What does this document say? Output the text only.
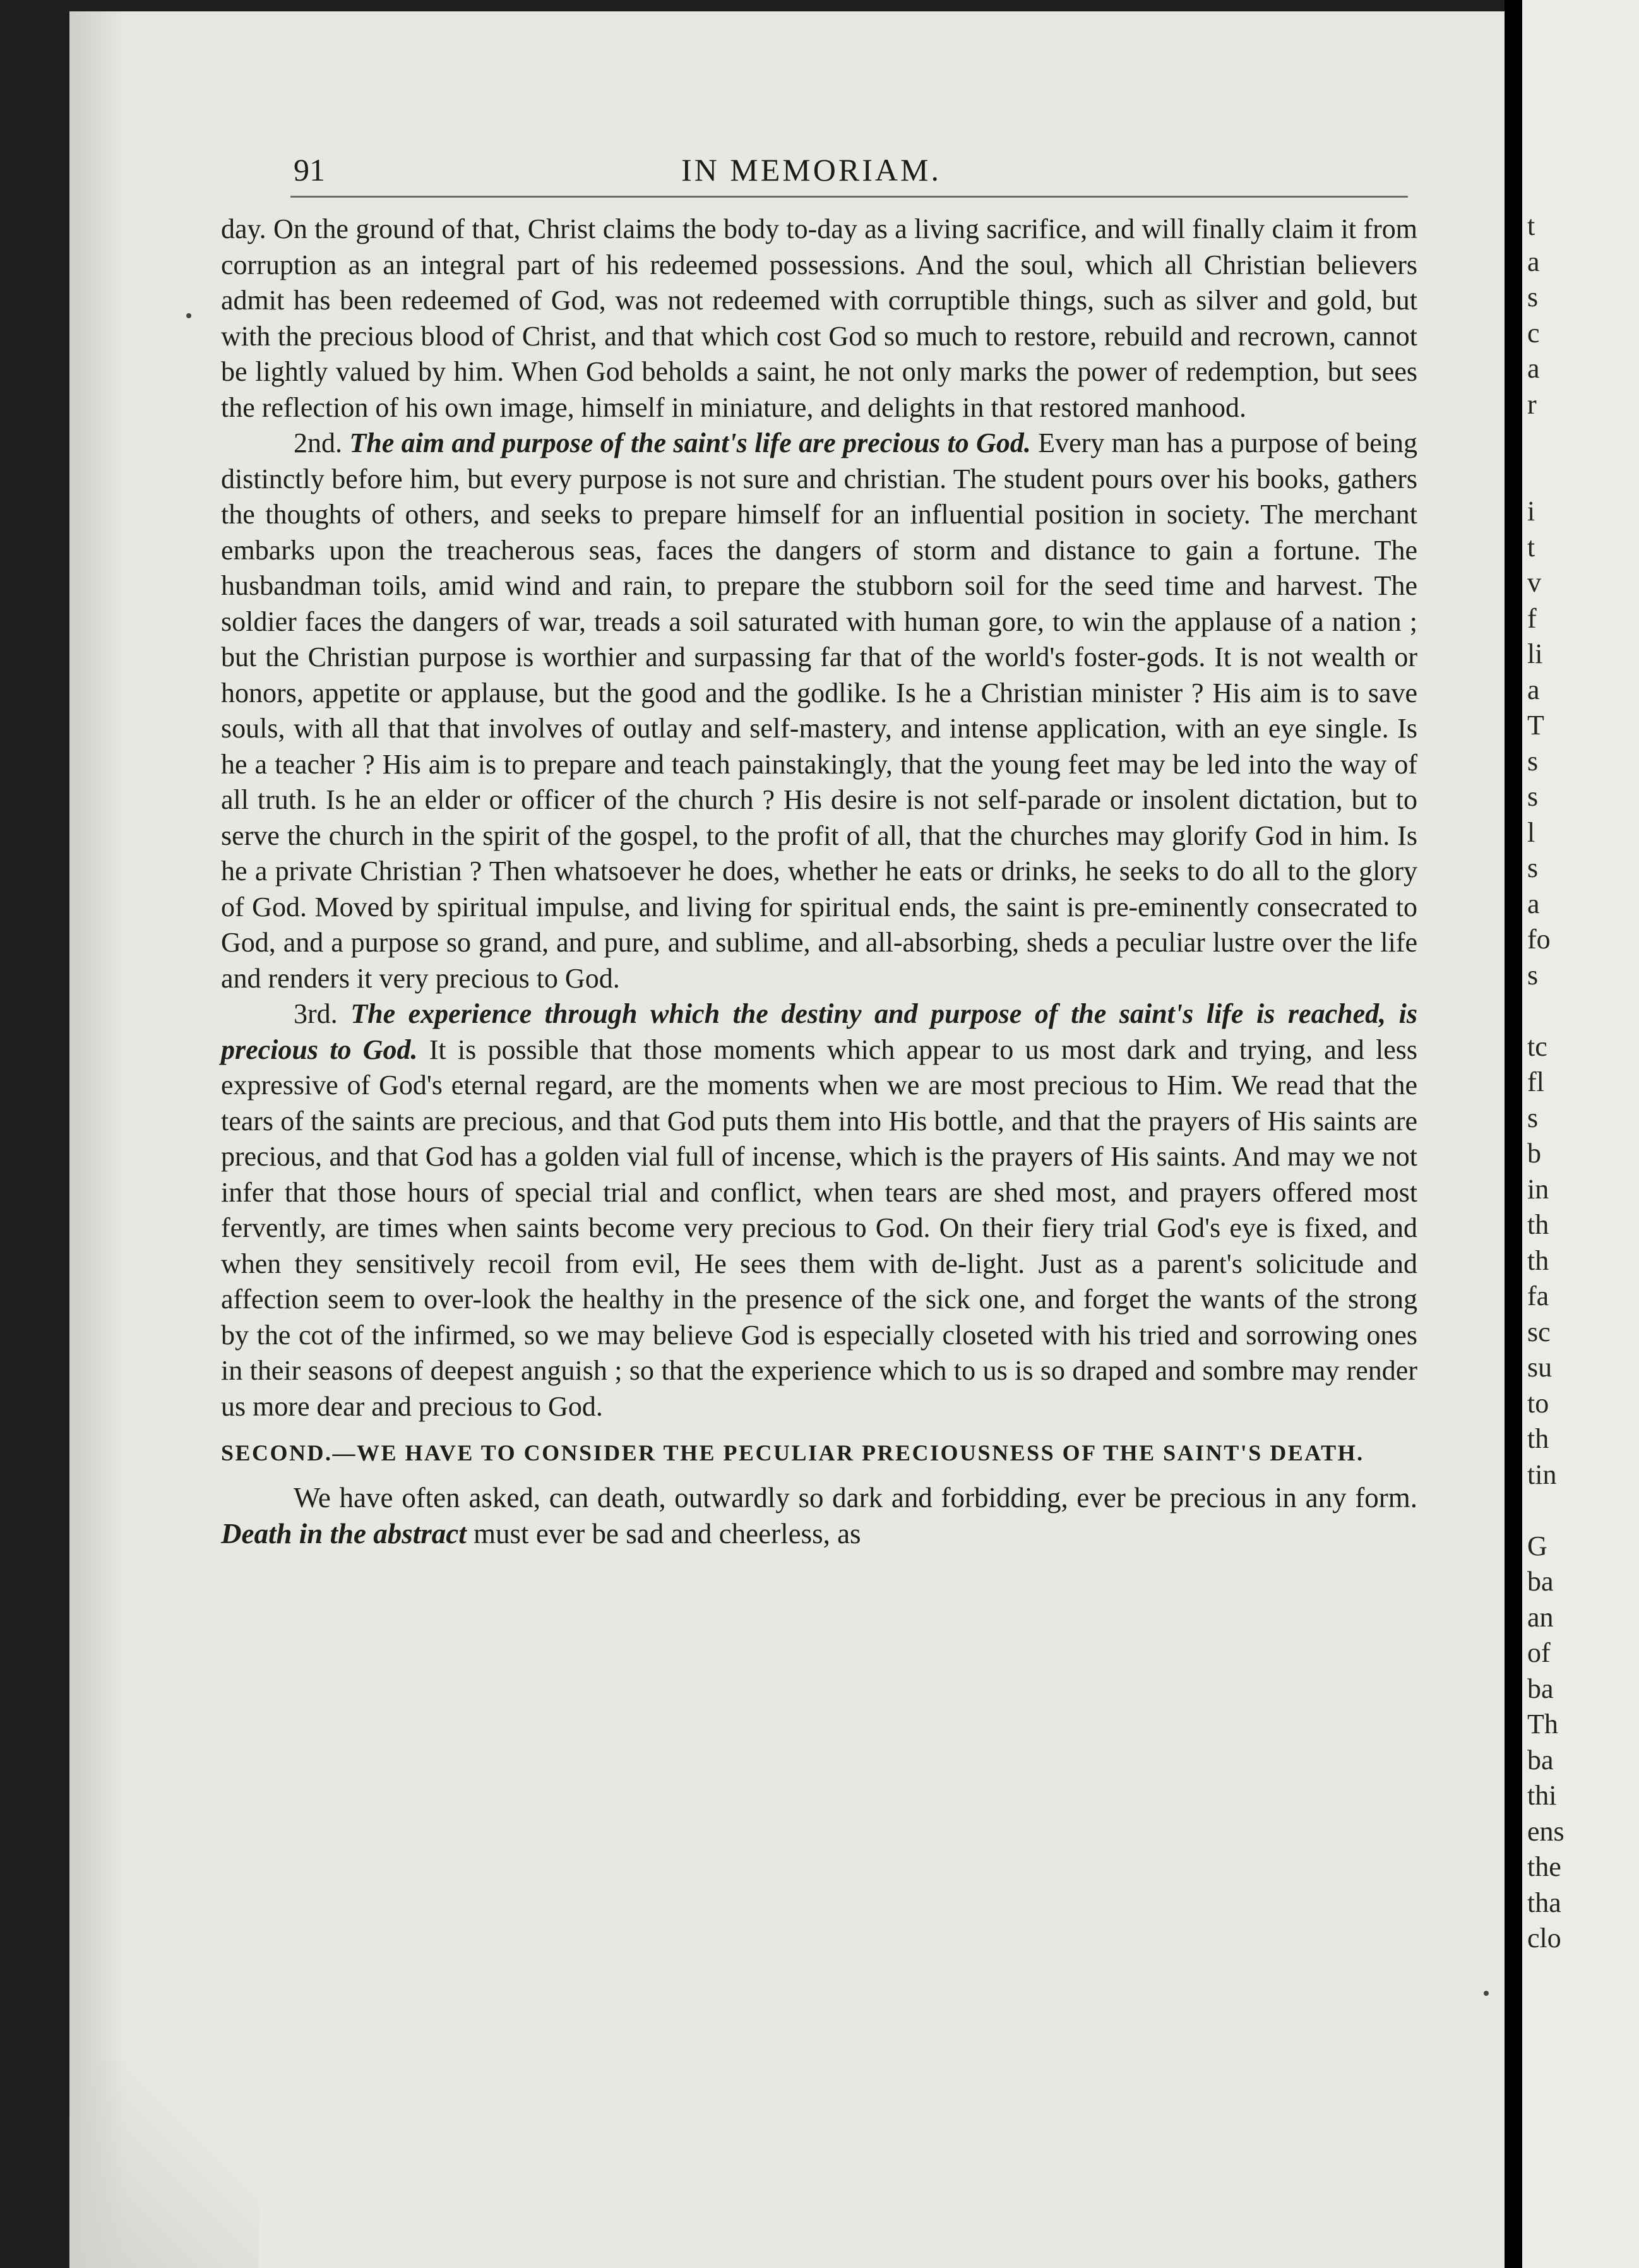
91	IN MEMORIAM.

day. On the ground of that, Christ claims the body to-day as a living sacrifice, and will finally claim it from corruption as an integral part of his redeemed possessions. And the soul, which all Christian believers admit has been redeemed of God, was not redeemed with corruptible things, such as silver and gold, but with the precious blood of Christ, and that which cost God so much to restore, rebuild and recrown, cannot be lightly valued by him. When God beholds a saint, he not only marks the power of redemption, but sees the reflection of his own image, himself in miniature, and delights in that restored manhood.

2nd. The aim and purpose of the saint's life are precious to God. Every man has a purpose of being distinctly before him, but every purpose is not sure and christian. The student pours over his books, gathers the thoughts of others, and seeks to prepare himself for an influential position in society. The merchant embarks upon the treacherous seas, faces the dangers of storm and distance to gain a fortune. The husbandman toils, amid wind and rain, to prepare the stubborn soil for the seed time and harvest. The soldier faces the dangers of war, treads a soil saturated with human gore, to win the applause of a nation ; but the Christian purpose is worthier and surpassing far that of the world's foster-gods. It is not wealth or honors, appetite or applause, but the good and the godlike. Is he a Christian minister ? His aim is to save souls, with all that that involves of outlay and self-mastery, and intense application, with an eye single. Is he a teacher ? His aim is to prepare and teach painstakingly, that the young feet may be led into the way of all truth. Is he an elder or officer of the church ? His desire is not self-parade or insolent dictation, but to serve the church in the spirit of the gospel, to the profit of all, that the churches may glorify God in him. Is he a private Christian ? Then whatsoever he does, whether he eats or drinks, he seeks to do all to the glory of God. Moved by spiritual impulse, and living for spiritual ends, the saint is pre-eminently consecrated to God, and a purpose so grand, and pure, and sublime, and all-absorbing, sheds a peculiar lustre over the life and renders it very precious to God.

3rd. The experience through which the destiny and purpose of the saint's life is reached, is precious to God. It is possible that those moments which appear to us most dark and trying, and less expressive of God's eternal regard, are the moments when we are most precious to Him. We read that the tears of the saints are precious, and that God puts them into His bottle, and that the prayers of His saints are precious, and that God has a golden vial full of incense, which is the prayers of His saints. And may we not infer that those hours of special trial and conflict, when tears are shed most, and prayers offered most fervently, are times when saints become very precious to God. On their fiery trial God's eye is fixed, and when they sensitively recoil from evil, He sees them with de-light. Just as a parent's solicitude and affection seem to over-look the healthy in the presence of the sick one, and forget the wants of the strong by the cot of the infirmed, so we may believe God is especially closeted with his tried and sorrowing ones in their seasons of deepest anguish ; so that the experience which to us is so draped and sombre may render us more dear and precious to God.

SECOND.—WE HAVE TO CONSIDER THE PECULIAR PRECIOUSNESS OF THE SAINT'S DEATH.

We have often asked, can death, outwardly so dark and forbidding, ever be precious in any form. Death in the abstract must ever be sad and cheerless, as

t
a
s
c
a
r
i
t
v
f
li
a
T
s
s
l
s
a
fo
s
tc
fl
s
b
in
th
th
fa
sc
su
to
th
tin
G
ba
an
of
ba
Th
ba
thi
ens
the
tha
clo
